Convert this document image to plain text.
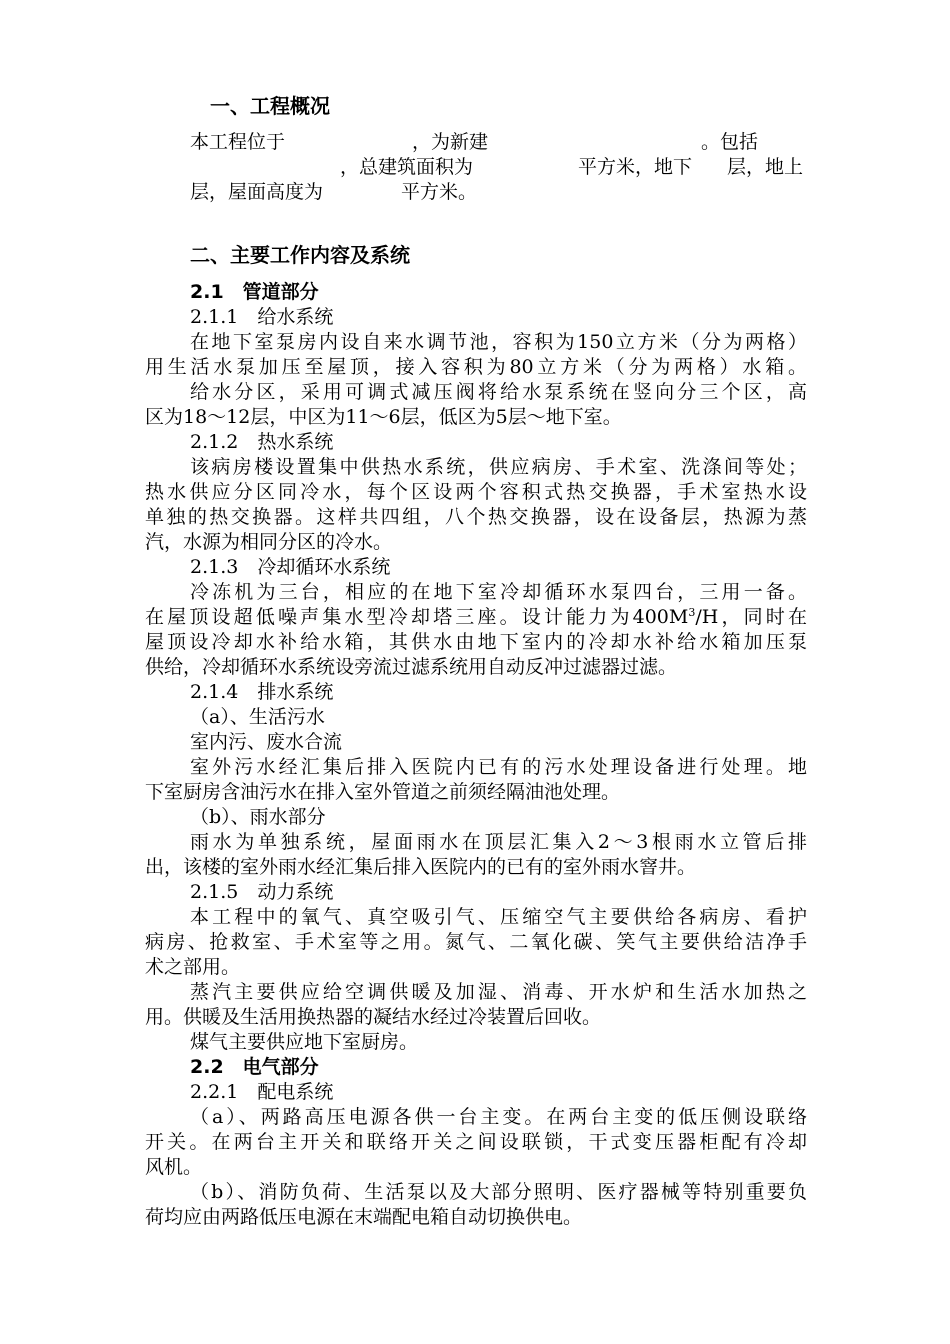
一、工程概况
本工程位于	，为新建	。包括
，总建筑面积为	平方米，地下 层，地上
层，屋面高度为	平方米。
二、主要工作内容及系统
2.1　管道部分
2.1.1　给水系统
在地下室泵房内设自来水调节池，容积为150立方米（分为两格）
用生活水泵加压至屋顶，接入容积为80立方米（分为两格）水箱。
给水分区，采用可调式减压阀将给水泵系统在竖向分三个区，高
区为18～12层，中区为11～6层，低区为5层～地下室。
2.1.2　热水系统
该病房楼设置集中供热水系统，供应病房、手术室、洗涤间等处；
热水供应分区同冷水，每个区设两个容积式热交换器，手术室热水设
单独的热交换器。这样共四组，八个热交换器，设在设备层，热源为蒸
汽，水源为相同分区的冷水。
2.1.3　冷却循环水系统
冷冻机为三台，相应的在地下室冷却循环水泵四台，三用一备。
在屋顶设超低噪声集水型冷却塔三座。设计能力为$400M^3/H$，同时在
屋顶设冷却水补给水箱，其供水由地下室内的冷却水补给水箱加压泵
供给，冷却循环水系统设旁流过滤系统用自动反冲过滤器过滤。
2.1.4　排水系统
（a）、生活污水
室内污、废水合流
室外污水经汇集后排入医院内已有的污水处理设备进行处理。地
下室厨房含油污水在排入室外管道之前须经隔油池处理。
（b）、雨水部分
雨水为单独系统，屋面雨水在顶层汇集入2～3根雨水立管后排
出，该楼的室外雨水经汇集后排入医院内的已有的室外雨水窨井。
2.1.5　动力系统
本工程中的氧气、真空吸引气、压缩空气主要供给各病房、看护
病房、抢救室、手术室等之用。氮气、二氧化碳、笑气主要供给洁净手
术之部用。
蒸汽主要供应给空调供暖及加湿、消毒、开水炉和生活水加热之
用。供暖及生活用换热器的凝结水经过冷装置后回收。
煤气主要供应地下室厨房。
2.2　电气部分
2.2.1　配电系统
（a）、两路高压电源各供一台主变。在两台主变的低压侧设联络
开关。在两台主开关和联络开关之间设联锁，干式变压器柜配有冷却
风机。
（b）、消防负荷、生活泵以及大部分照明、医疗器械等特别重要负
荷均应由两路低压电源在末端配电箱自动切换供电。
